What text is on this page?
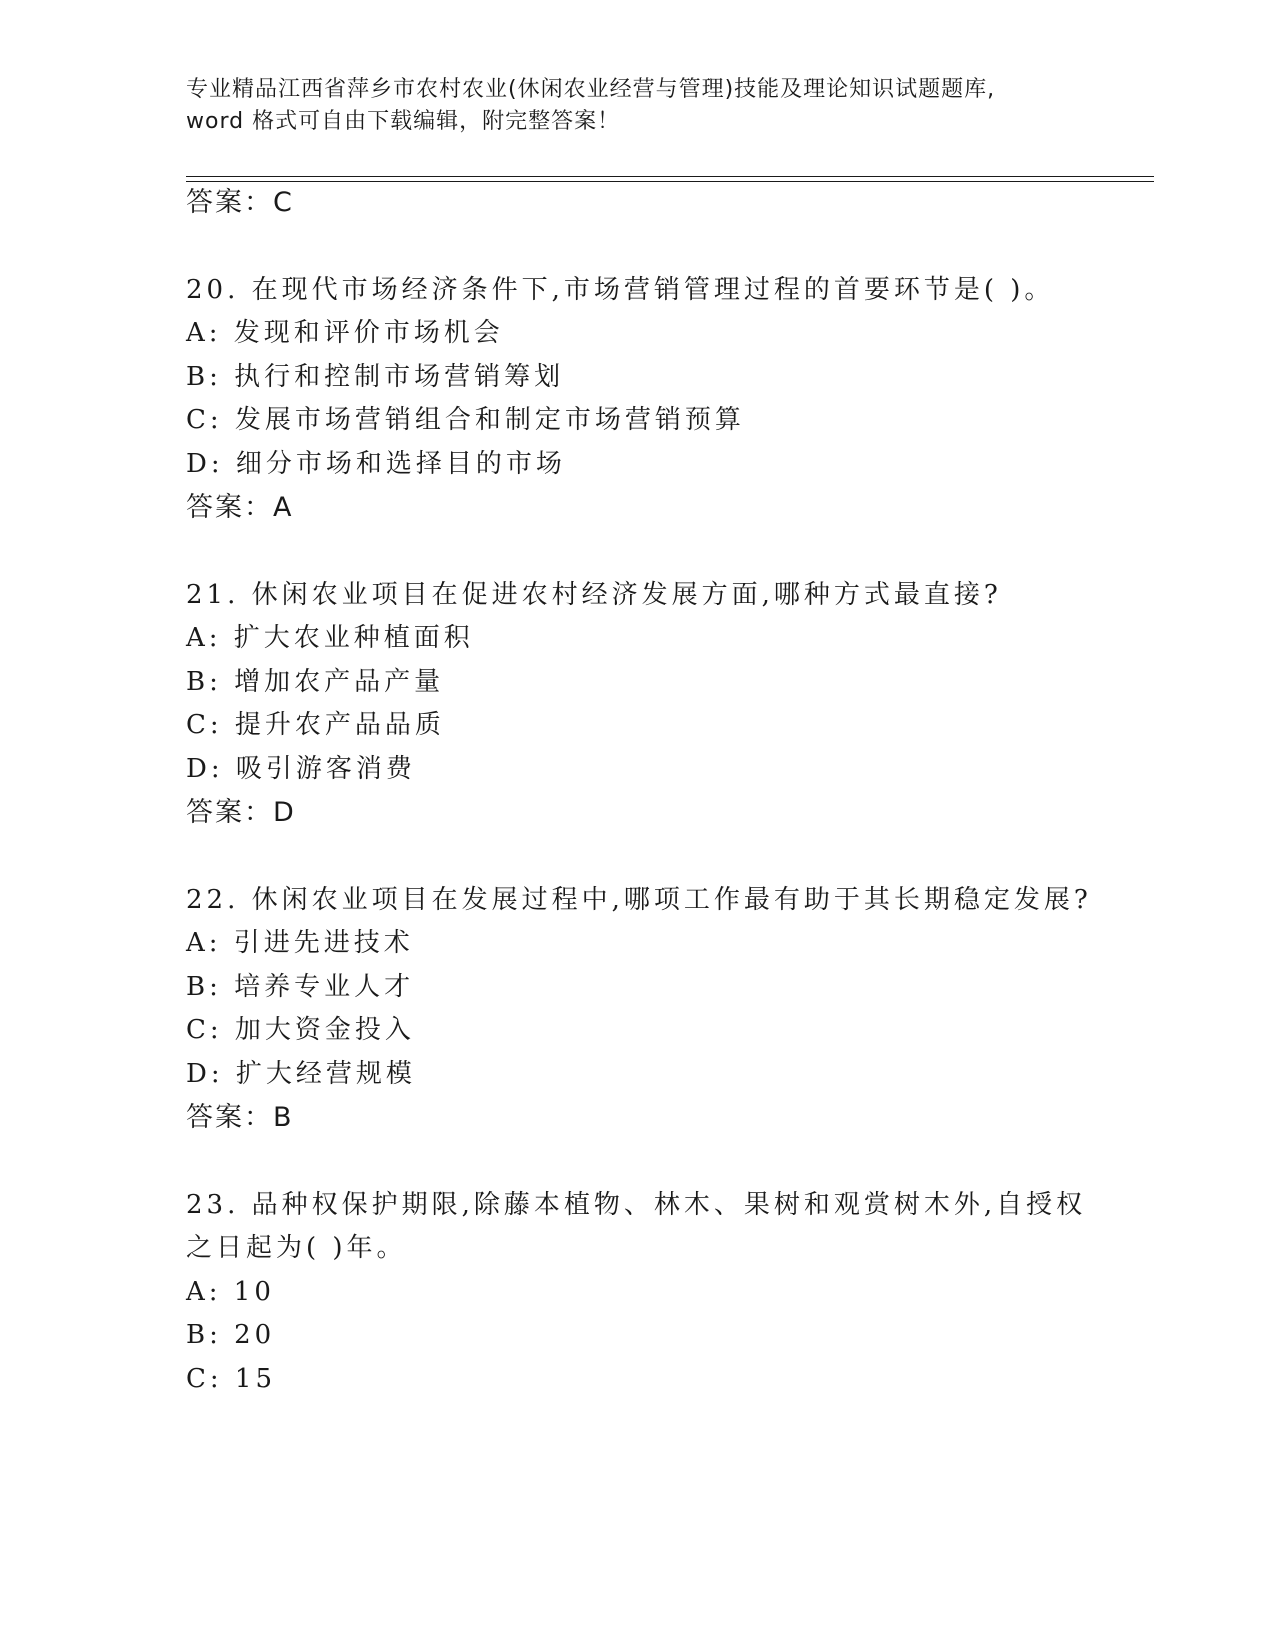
专业精品江西省萍乡市农村农业(休闲农业经营与管理)技能及理论知识试题题库,
word 格式可自由下载编辑，附完整答案！
答案：C
20. 在现代市场经济条件下,市场营销管理过程的首要环节是( )。
A: 发现和评价市场机会
B: 执行和控制市场营销筹划
C: 发展市场营销组合和制定市场营销预算
D: 细分市场和选择目的市场
答案：A
21. 休闲农业项目在促进农村经济发展方面,哪种方式最直接?
A: 扩大农业种植面积
B: 增加农产品产量
C: 提升农产品品质
D: 吸引游客消费
答案：D
22. 休闲农业项目在发展过程中,哪项工作最有助于其长期稳定发展?
A: 引进先进技术
B: 培养专业人才
C: 加大资金投入
D: 扩大经营规模
答案：B
23. 品种权保护期限,除藤本植物、林木、果树和观赏树木外,自授权
之日起为( )年。
A: 10
B: 20
C: 15
